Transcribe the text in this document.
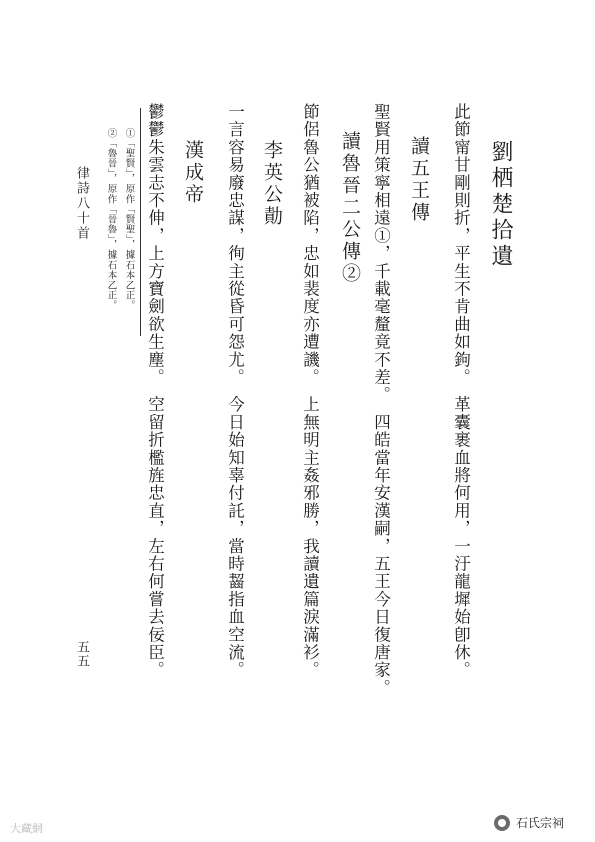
劉栖楚拾遺
此節甯甘剛則折，平生不肯曲如鉤。　革囊裹血將何用，一汙龍墀始卽休。
讀五王傳
聖賢用策寧相遠①，千載毫釐竟不差。　四皓當年安漢嗣，五王今日復唐家。
讀魯晉二公傳②
節侶魯公猶被陷，忠如裴度亦遭譏。　上無明主姦邪勝，我讀遺篇淚滿衫。
李英公勣
一言容易廢忠謀，徇主從昏可怨尤。　今日始知辜付託，當時齧指血空流。
漢成帝
鬱鬱朱雲志不伸，上方寶劍欲生塵。　空留折檻旌忠直，左右何嘗去佞臣。
①「聖賢」，原作「賢聖」，據石本乙正。
②「魯晉」，原作「晉魯」，據石本乙正。
律詩八十首
五五
大藏網	石氏宗祠
